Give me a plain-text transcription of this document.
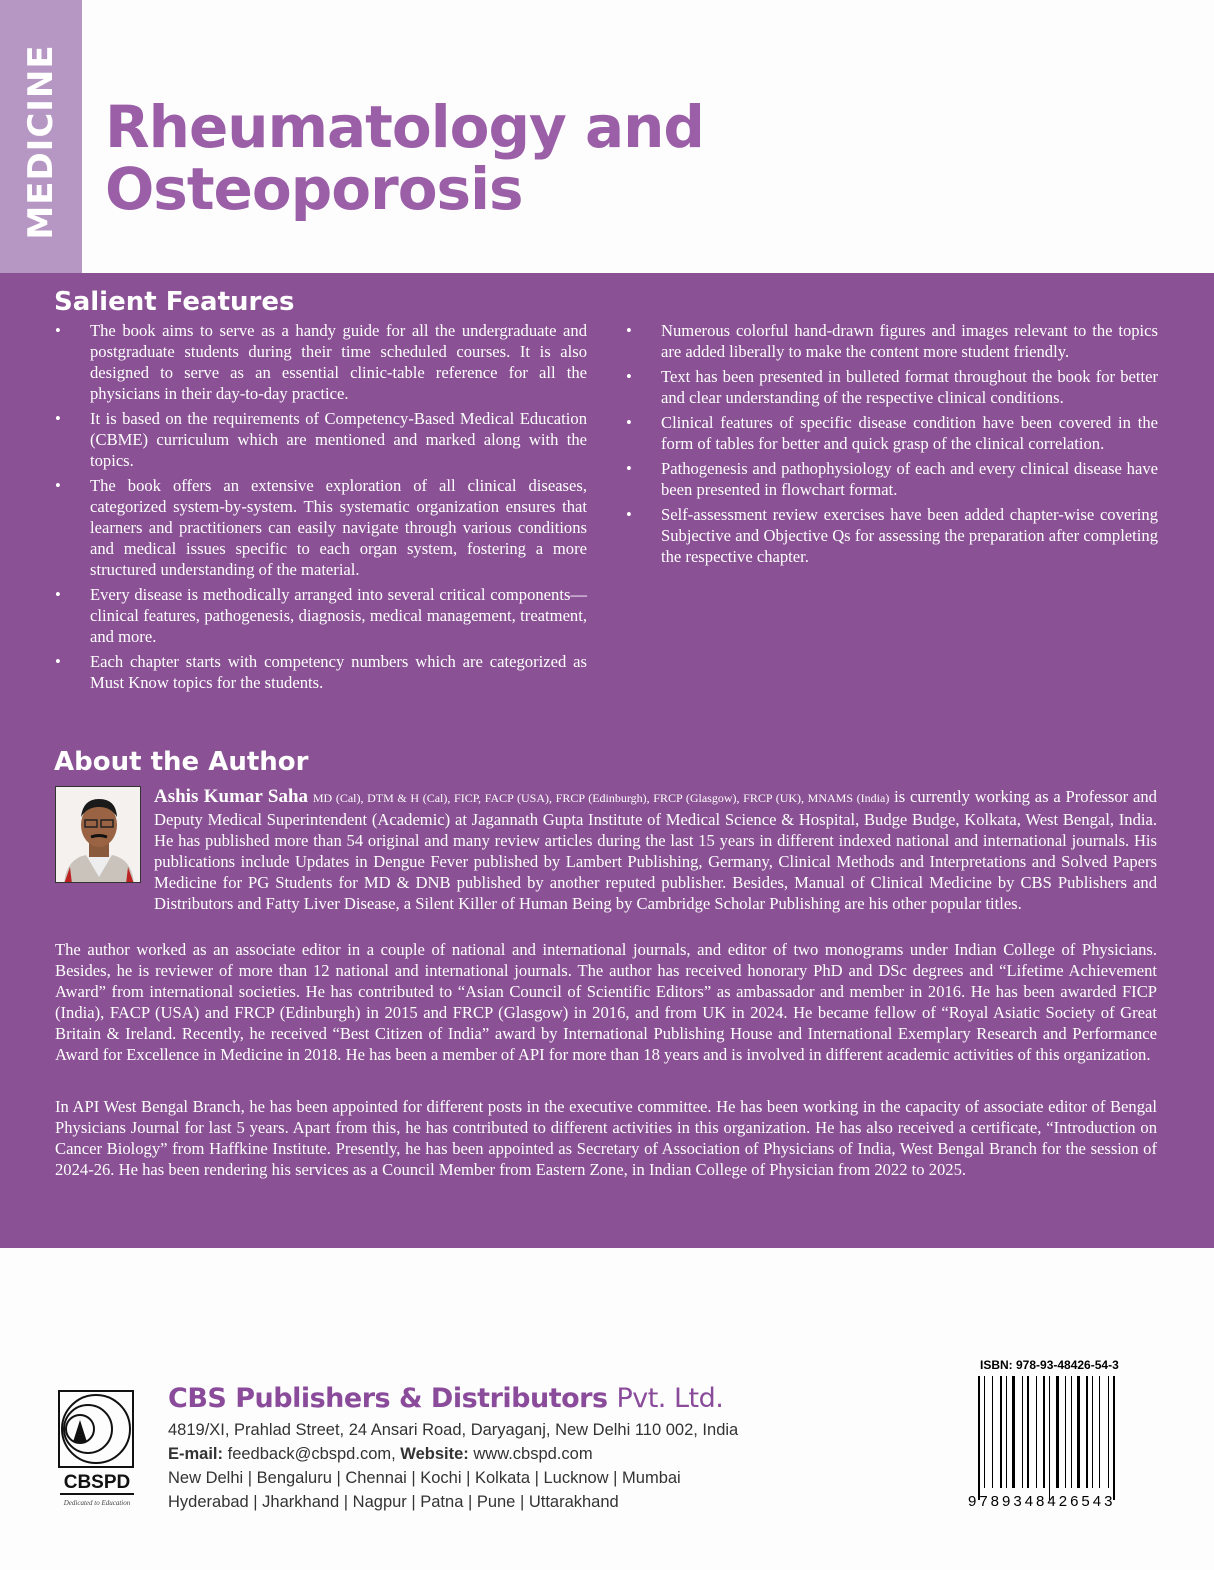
MEDICINE Rheumatology and
Osteoporosis
Salient Features
• The book aims to serve as a handy guide for all the undergraduate and postgraduate students during their time scheduled courses. It is also designed to serve as an essential clinic-table reference for all the physicians in their day-to-day practice.
• It is based on the requirements of Competency-Based Medical Education (CBME) curriculum which are mentioned and marked along with the topics.
• The book offers an extensive exploration of all clinical diseases, categorized system-by-system. This systematic organization ensures that learners and practitioners can easily navigate through various conditions and medical issues specific to each organ system, fostering a more structured understanding of the material.
• Every disease is methodically arranged into several critical components—clinical features, pathogenesis, diagnosis, medical management, treatment, and more.
• Each chapter starts with competency numbers which are categorized as Must Know topics for the students.
• Numerous colorful hand-drawn figures and images relevant to the topics are added liberally to make the content more student friendly.
• Text has been presented in bulleted format throughout the book for better and clear understanding of the respective clinical conditions.
• Clinical features of specific disease condition have been covered in the form of tables for better and quick grasp of the clinical correlation.
• Pathogenesis and pathophysiology of each and every clinical disease have been presented in flowchart format.
• Self-assessment review exercises have been added chapter-wise covering Subjective and Objective Qs for assessing the preparation after completing the respective chapter.
About the Author
Ashis Kumar Saha MD (Cal), DTM & H (Cal), FICP, FACP (USA), FRCP (Edinburgh), FRCP (Glasgow), FRCP (UK), MNAMS (India) is currently working as a Professor and Deputy Medical Superintendent (Academic) at Jagannath Gupta Institute of Medical Science & Hospital, Budge Budge, Kolkata, West Bengal, India. He has published more than 54 original and many review articles during the last 15 years in different indexed national and international journals. His publications include Updates in Dengue Fever published by Lambert Publishing, Germany, Clinical Methods and Interpretations and Solved Papers Medicine for PG Students for MD & DNB published by another reputed publisher. Besides, Manual of Clinical Medicine by CBS Publishers and Distributors and Fatty Liver Disease, a Silent Killer of Human Being by Cambridge Scholar Publishing are his other popular titles.
The author worked as an associate editor in a couple of national and international journals, and editor of two monograms under Indian College of Physicians. Besides, he is reviewer of more than 12 national and international journals. The author has received honorary PhD and DSc degrees and “Lifetime Achievement Award” from international societies. He has contributed to “Asian Council of Scientific Editors” as ambassador and member in 2016. He has been awarded FICP (India), FACP (USA) and FRCP (Edinburgh) in 2015 and FRCP (Glasgow) in 2016, and from UK in 2024. He became fellow of “Royal Asiatic Society of Great Britain & Ireland. Recently, he received “Best Citizen of India” award by International Publishing House and International Exemplary Research and Performance Award for Excellence in Medicine in 2018. He has been a member of API for more than 18 years and is involved in different academic activities of this organization.
In API West Bengal Branch, he has been appointed for different posts in the executive committee. He has been working in the capacity of associate editor of Bengal Physicians Journal for last 5 years. Apart from this, he has contributed to different activities in this organization. He has also received a certificate, “Introduction on Cancer Biology” from Haffkine Institute. Presently, he has been appointed as Secretary of Association of Physicians of India, West Bengal Branch for the session of 2024-26. He has been rendering his services as a Council Member from Eastern Zone, in Indian College of Physician from 2022 to 2025.
CBSPD
Dedicated to Education
CBS Publishers & Distributors Pvt. Ltd.
4819/XI, Prahlad Street, 24 Ansari Road, Daryaganj, New Delhi 110 002, India
E-mail: feedback@cbspd.com, Website: www.cbspd.com
New Delhi | Bengaluru | Chennai | Kochi | Kolkata | Lucknow | Mumbai
Hyderabad | Jharkhand | Nagpur | Patna | Pune | Uttarakhand
ISBN: 978-93-48426-54-3
9789348426543
